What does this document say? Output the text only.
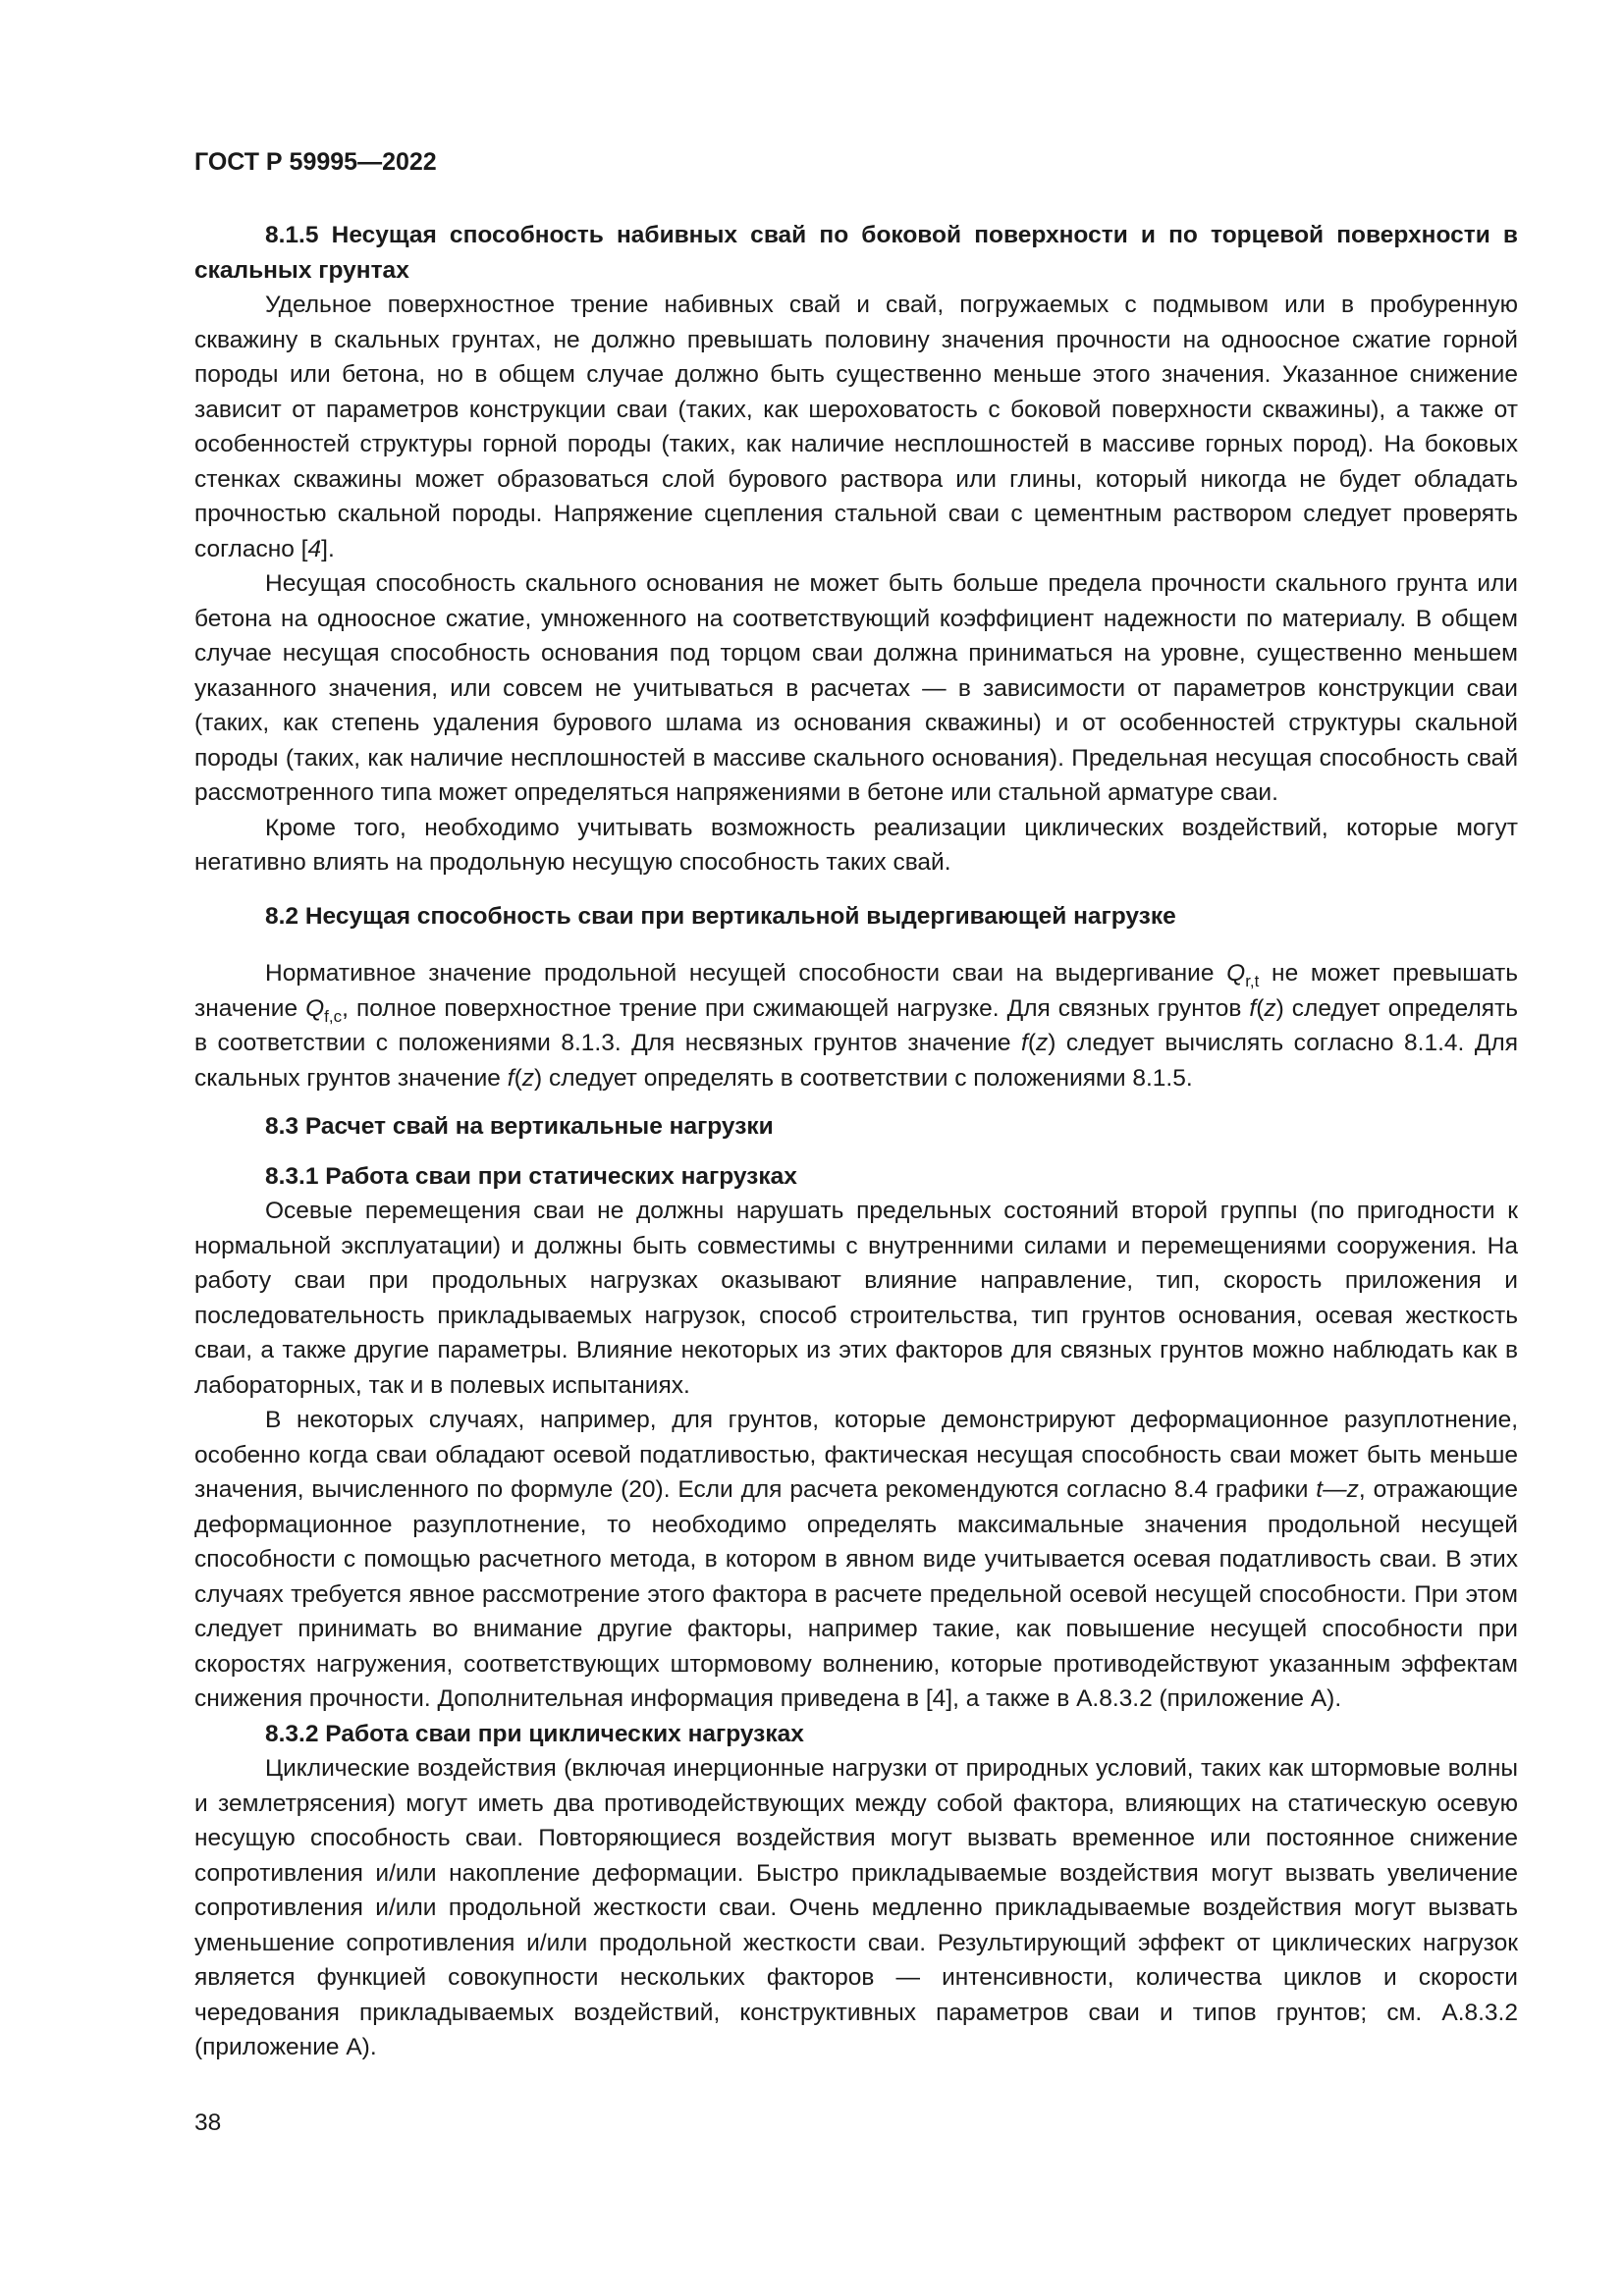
ГОСТ Р 59995—2022

8.1.5 Несущая способность набивных свай по боковой поверхности и по торцевой поверхности в скальных грунтах

Удельное поверхностное трение набивных свай и свай, погружаемых с подмывом или в пробуренную скважину в скальных грунтах, не должно превышать половину значения прочности на одноосное сжатие горной породы или бетона, но в общем случае должно быть существенно меньше этого значения. Указанное снижение зависит от параметров конструкции сваи (таких, как шероховатость с боковой поверхности скважины), а также от особенностей структуры горной породы (таких, как наличие несплошностей в массиве горных пород). На боковых стенках скважины может образоваться слой бурового раствора или глины, который никогда не будет обладать прочностью скальной породы. Напряжение сцепления стальной сваи с цементным раствором следует проверять согласно [4].

Несущая способность скального основания не может быть больше предела прочности скального грунта или бетона на одноосное сжатие, умноженного на соответствующий коэффициент надежности по материалу. В общем случае несущая способность основания под торцом сваи должна приниматься на уровне, существенно меньшем указанного значения, или совсем не учитываться в расчетах — в зависимости от параметров конструкции сваи (таких, как степень удаления бурового шлама из основания скважины) и от особенностей структуры скальной породы (таких, как наличие несплошностей в массиве скального основания). Предельная несущая способность свай рассмотренного типа может определяться напряжениями в бетоне или стальной арматуре сваи.

Кроме того, необходимо учитывать возможность реализации циклических воздействий, которые могут негативно влиять на продольную несущую способность таких свай.

8.2 Несущая способность сваи при вертикальной выдергивающей нагрузке

Нормативное значение продольной несущей способности сваи на выдергивание $Q_{r,t}$ не может превышать значение $Q_{f,c}$, полное поверхностное трение при сжимающей нагрузке. Для связных грунтов f(z) следует определять в соответствии с положениями 8.1.3. Для несвязных грунтов значение f(z) следует вычислять согласно 8.1.4. Для скальных грунтов значение f(z) следует определять в соответствии с положениями 8.1.5.

8.3 Расчет свай на вертикальные нагрузки

8.3.1 Работа сваи при статических нагрузках

Осевые перемещения сваи не должны нарушать предельных состояний второй группы (по пригодности к нормальной эксплуатации) и должны быть совместимы с внутренними силами и перемещениями сооружения. На работу сваи при продольных нагрузках оказывают влияние направление, тип, скорость приложения и последовательность прикладываемых нагрузок, способ строительства, тип грунтов основания, осевая жесткость сваи, а также другие параметры. Влияние некоторых из этих факторов для связных грунтов можно наблюдать как в лабораторных, так и в полевых испытаниях.

В некоторых случаях, например, для грунтов, которые демонстрируют деформационное разуплотнение, особенно когда сваи обладают осевой податливостью, фактическая несущая способность сваи может быть меньше значения, вычисленного по формуле (20). Если для расчета рекомендуются согласно 8.4 графики t—z, отражающие деформационное разуплотнение, то необходимо определять максимальные значения продольной несущей способности с помощью расчетного метода, в котором в явном виде учитывается осевая податливость сваи. В этих случаях требуется явное рассмотрение этого фактора в расчете предельной осевой несущей способности. При этом следует принимать во внимание другие факторы, например такие, как повышение несущей способности при скоростях нагружения, соответствующих штормовому волнению, которые противодействуют указанным эффектам снижения прочности. Дополнительная информация приведена в [4], а также в А.8.3.2 (приложение А).

8.3.2 Работа сваи при циклических нагрузках

Циклические воздействия (включая инерционные нагрузки от природных условий, таких как штормовые волны и землетрясения) могут иметь два противодействующих между собой фактора, влияющих на статическую осевую несущую способность сваи. Повторяющиеся воздействия могут вызвать временное или постоянное снижение сопротивления и/или накопление деформации. Быстро прикладываемые воздействия могут вызвать увеличение сопротивления и/или продольной жесткости сваи. Очень медленно прикладываемые воздействия могут вызвать уменьшение сопротивления и/или продольной жесткости сваи. Результирующий эффект от циклических нагрузок является функцией совокупности нескольких факторов — интенсивности, количества циклов и скорости чередования прикладываемых воздействий, конструктивных параметров сваи и типов грунтов; см. А.8.3.2 (приложение А).

38
